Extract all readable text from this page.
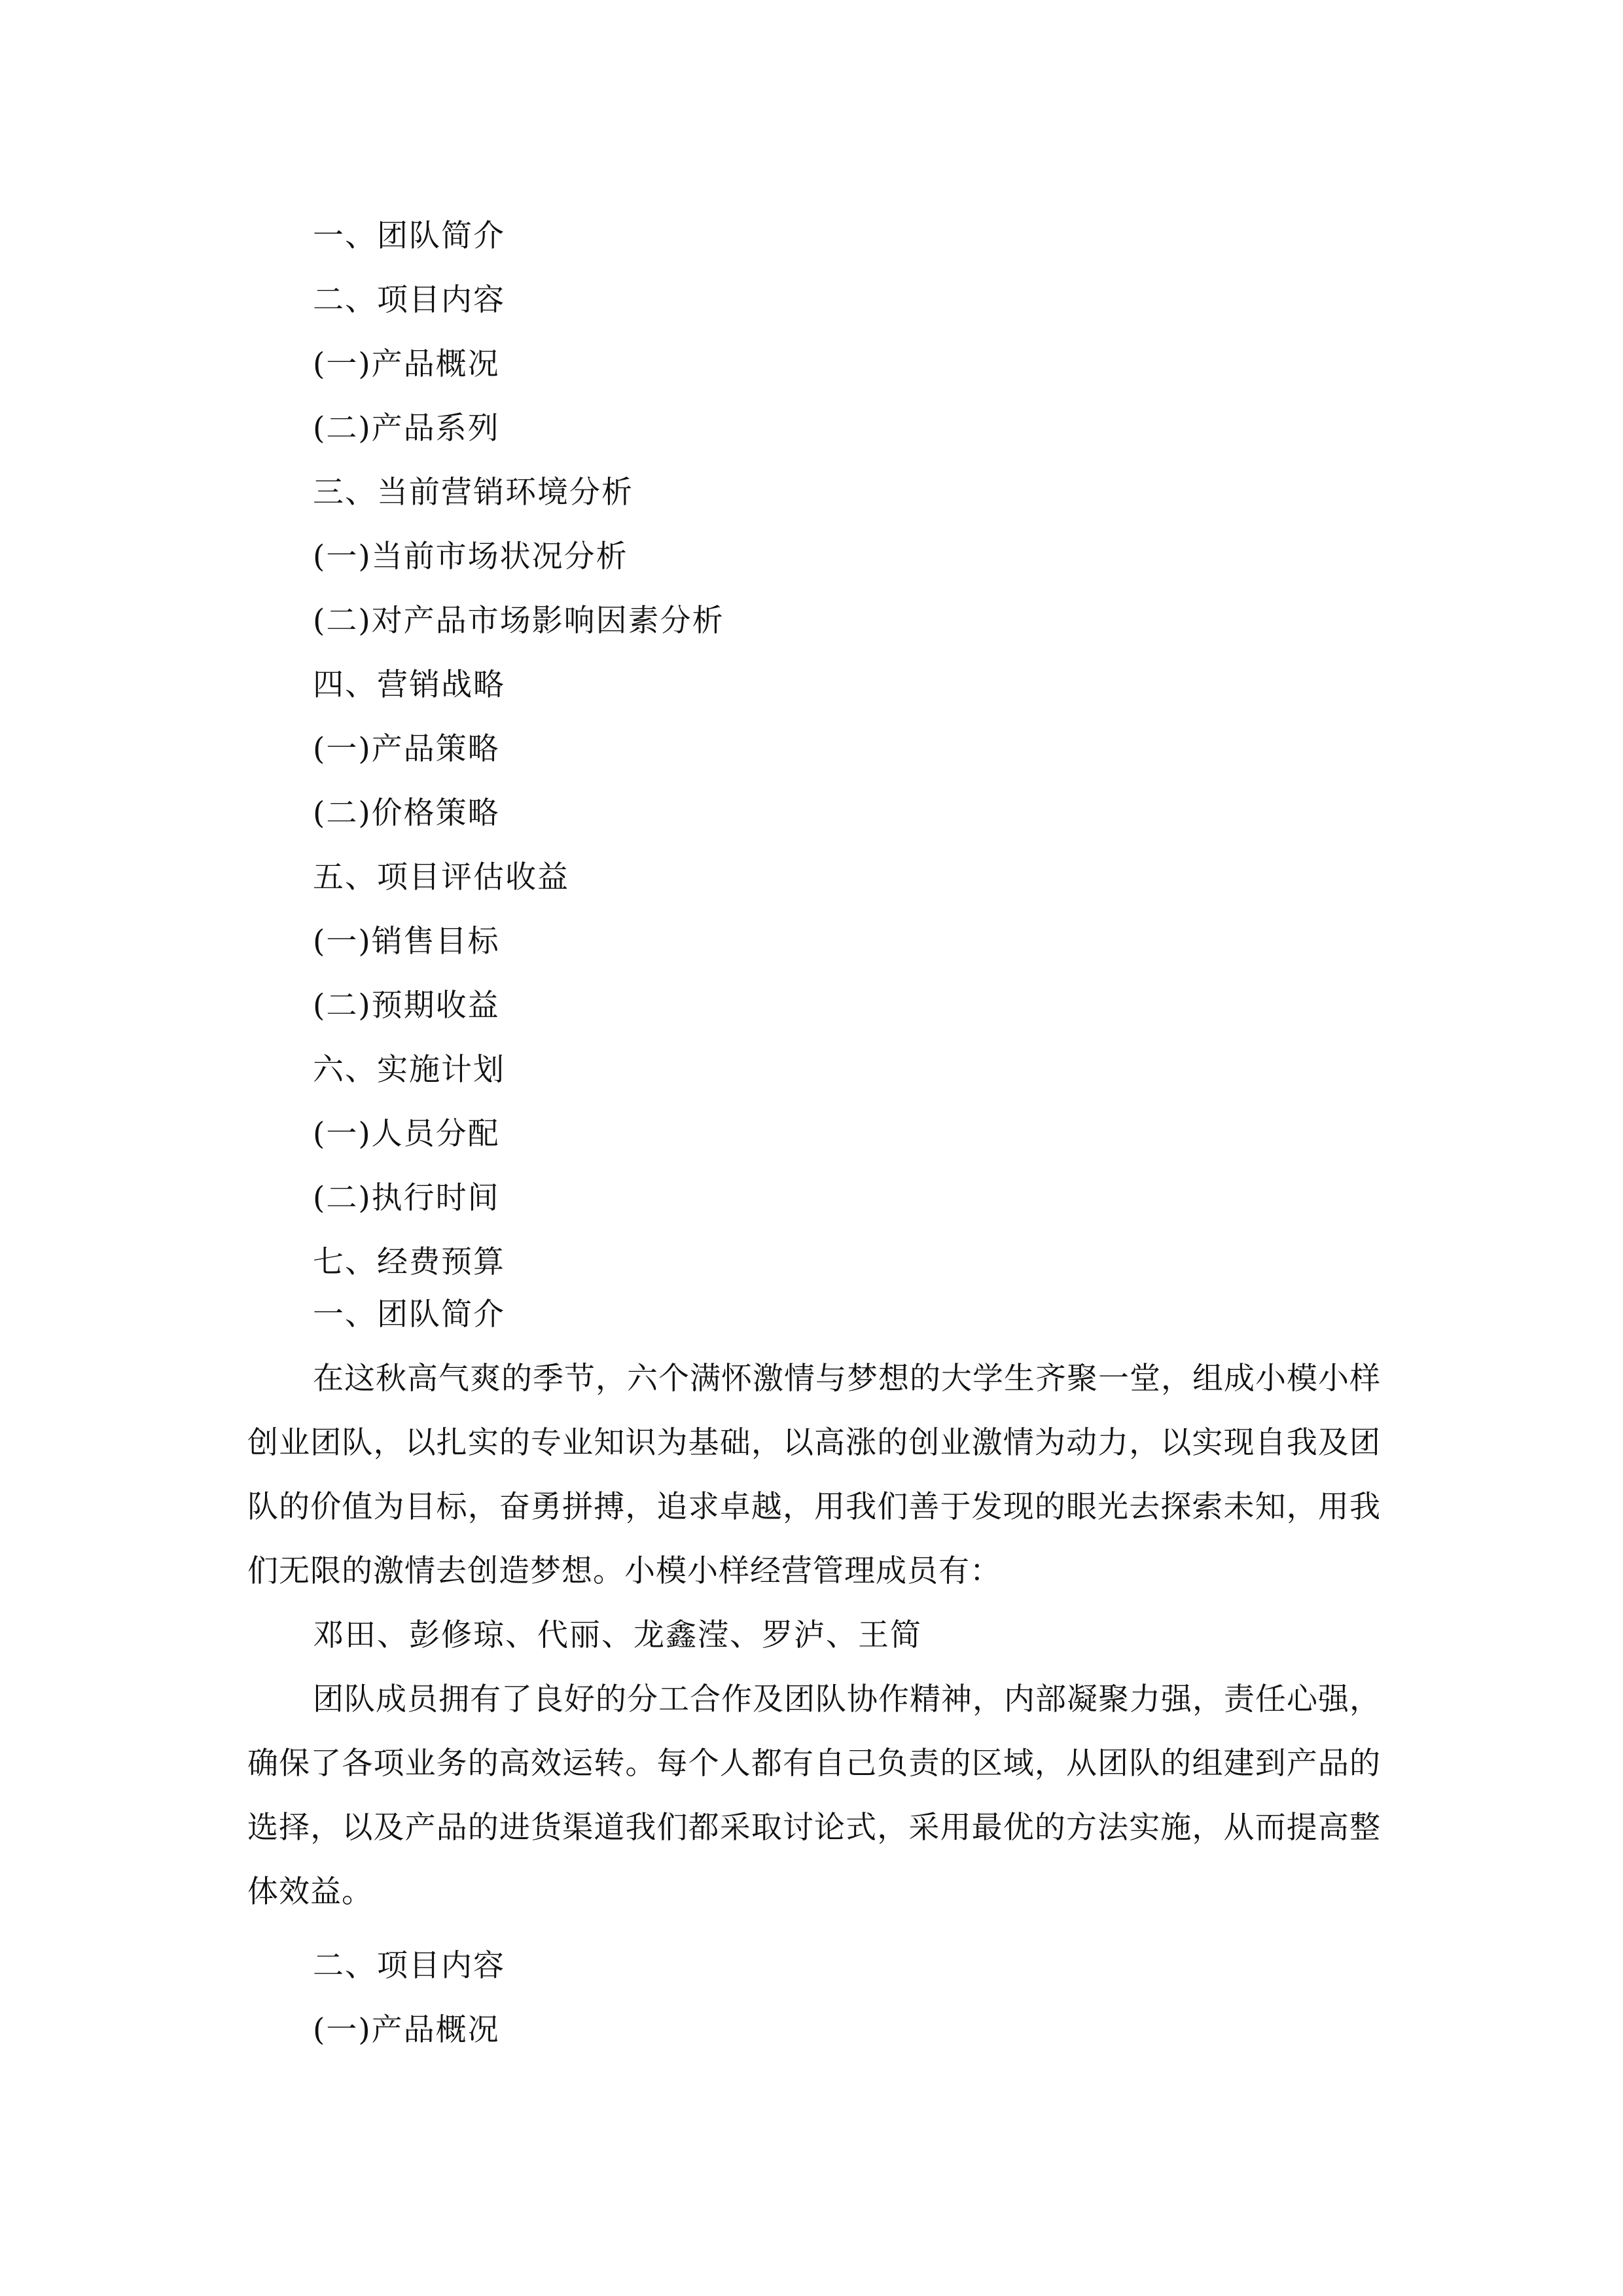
一、团队简介
二、项目内容
(一)产品概况
(二)产品系列
三、当前营销环境分析
(一)当前市场状况分析
(二)对产品市场影响因素分析
四、营销战略
(一)产品策略
(二)价格策略
五、项目评估收益
(一)销售目标
(二)预期收益
六、实施计划
(一)人员分配
(二)执行时间
七、经费预算
一、团队简介

在这秋高气爽的季节，六个满怀激情与梦想的大学生齐聚一堂，组成小模小样创业团队，以扎实的专业知识为基础，以高涨的创业激情为动力，以实现自我及团队的价值为目标，奋勇拼搏，追求卓越，用我们善于发现的眼光去探索未知，用我们无限的激情去创造梦想。小模小样经营管理成员有：

邓田、彭修琼、代丽、龙鑫滢、罗泸、王简

团队成员拥有了良好的分工合作及团队协作精神，内部凝聚力强，责任心强，确保了各项业务的高效运转。每个人都有自己负责的区域，从团队的组建到产品的选择，以及产品的进货渠道我们都采取讨论式，采用最优的方法实施，从而提高整体效益。

二、项目内容
(一)产品概况
